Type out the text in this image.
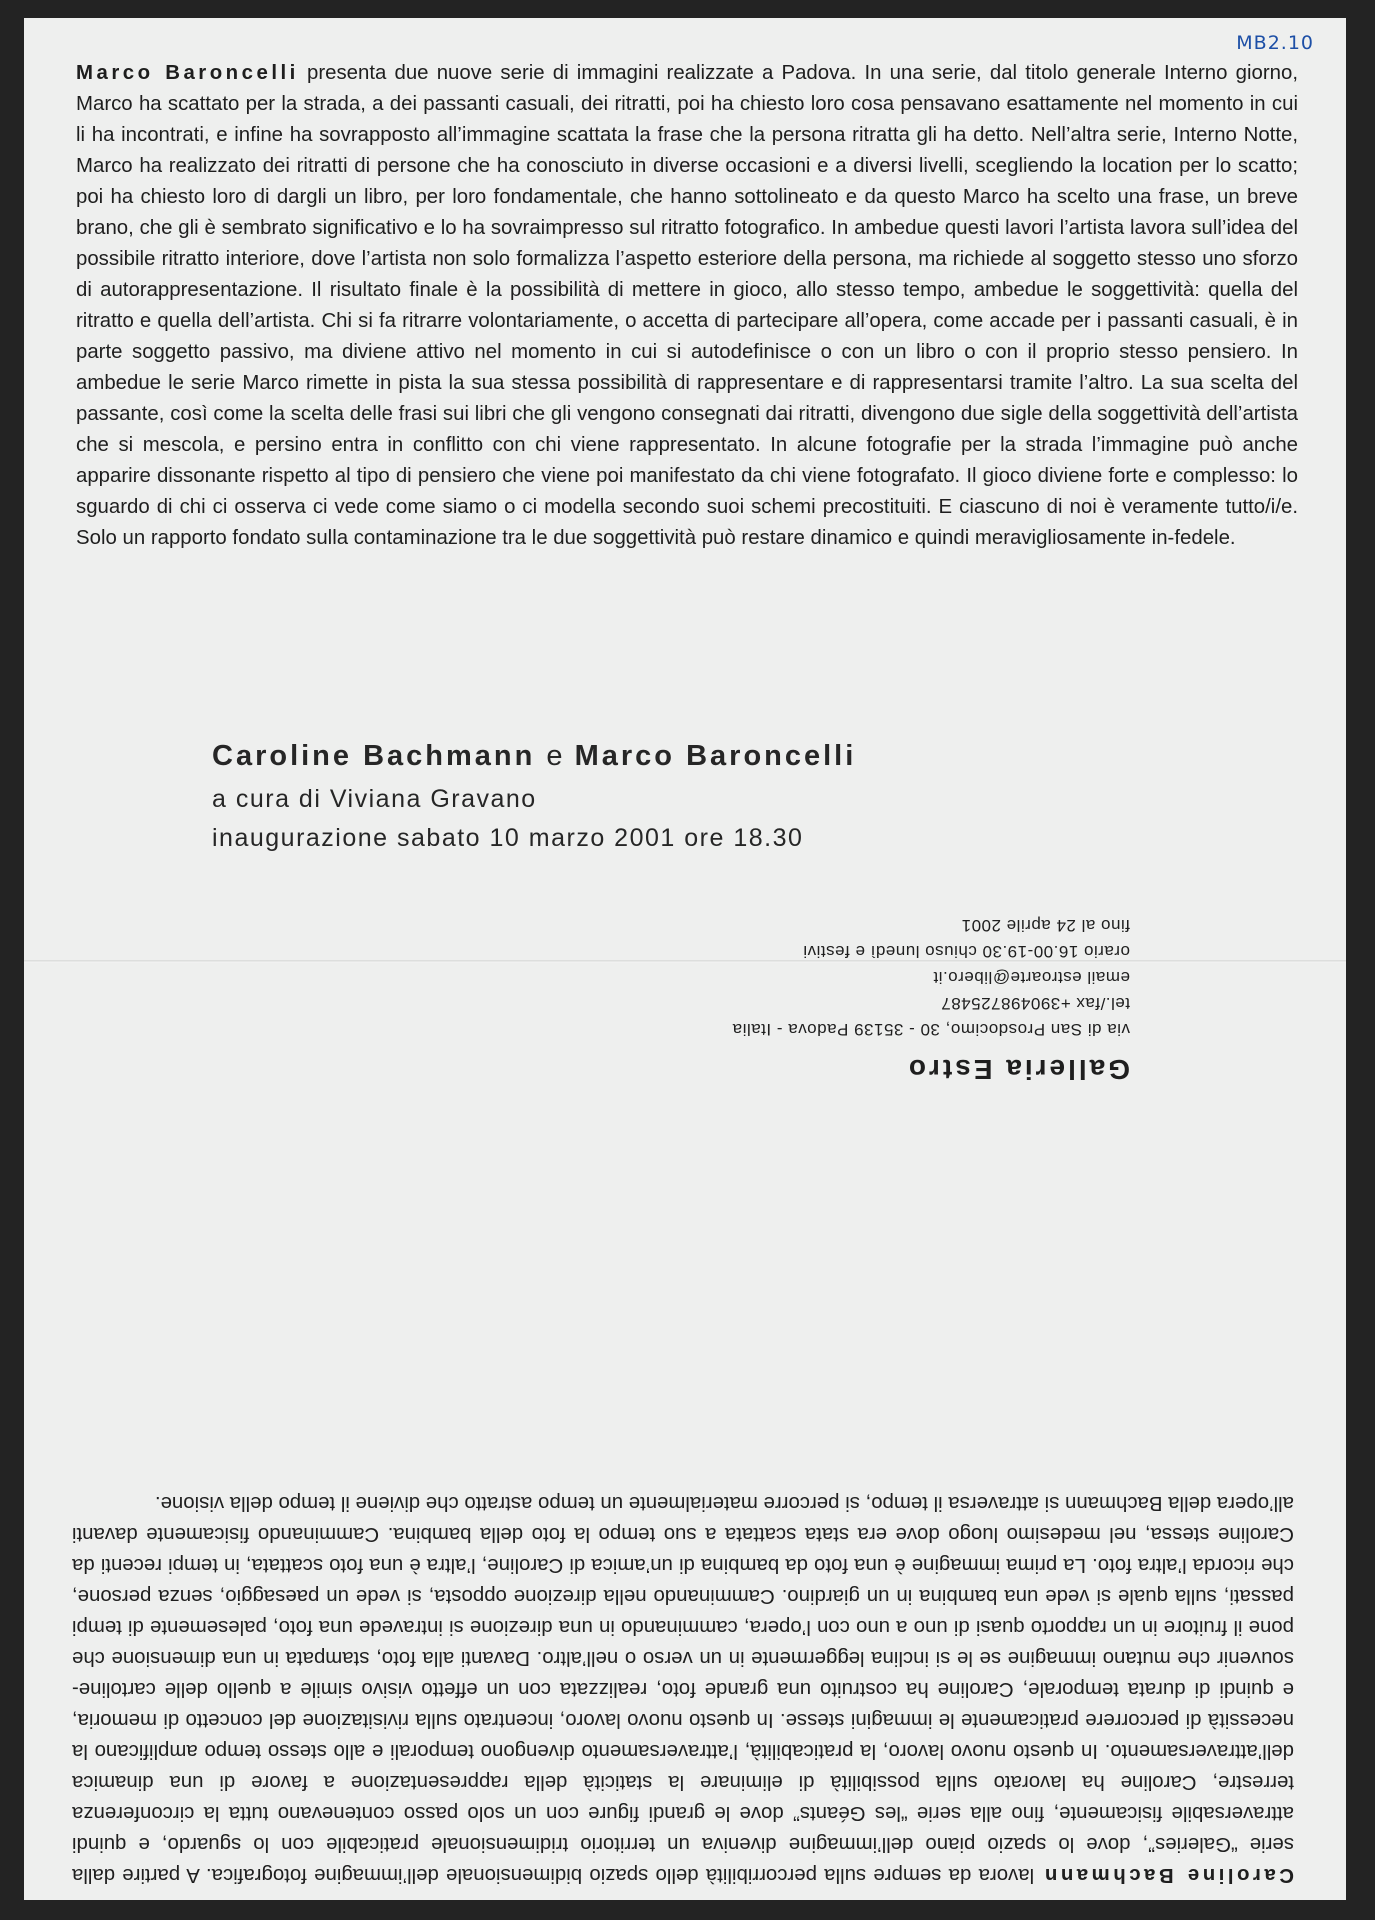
MB2.10

Marco Baroncelli presenta due nuove serie di immagini realizzate a Padova. In una serie, dal titolo generale Interno giorno, Marco ha scattato per la strada, a dei passanti casuali, dei ritratti, poi ha chiesto loro cosa pensavano esattamente nel momento in cui li ha incontrati, e infine ha sovrapposto all’immagine scattata la frase che la persona ritratta gli ha detto. Nell’altra serie, Interno Notte, Marco ha realizzato dei ritratti di persone che ha conosciuto in diverse occasioni e a diversi livelli, scegliendo la location per lo scatto; poi ha chiesto loro di dargli un libro, per loro fondamentale, che hanno sottolineato e da questo Marco ha scelto una frase, un breve brano, che gli è sembrato significativo e lo ha sovraimpresso sul ritratto fotografico. In ambedue questi lavori l’artista lavora sull’idea del possibile ritratto interiore, dove l’artista non solo formalizza l’aspetto esteriore della persona, ma richiede al soggetto stesso uno sforzo di autorappresentazione. Il risultato finale è la possibilità di mettere in gioco, allo stesso tempo, ambedue le soggettività: quella del ritratto e quella dell’artista. Chi si fa ritrarre volontariamente, o accetta di partecipare all’opera, come accade per i passanti casuali, è in parte soggetto passivo, ma diviene attivo nel momento in cui si autodefinisce o con un libro o con il proprio stesso pensiero. In ambedue le serie Marco rimette in pista la sua stessa possibilità di rappresentare e di rappresentarsi tramite l’altro. La sua scelta del passante, così come la scelta delle frasi sui libri che gli vengono consegnati dai ritratti, divengono due sigle della soggettività dell’artista che si mescola, e persino entra in conflitto con chi viene rappresentato. In alcune fotografie per la strada l’immagine può anche apparire dissonante rispetto al tipo di pensiero che viene poi manifestato da chi viene fotografato. Il gioco diviene forte e complesso: lo sguardo di chi ci osserva ci vede come siamo o ci modella secondo suoi schemi precostituiti. E ciascuno di noi è veramente tutto/i/e. Solo un rapporto fondato sulla contaminazione tra le due soggettività può restare dinamico e quindi meravigliosamente in-fedele.

Caroline Bachmann e Marco Baroncelli

a cura di Viviana Gravano

inaugurazione sabato 10 marzo 2001 ore 18.30

Caroline Bachmann lavora da sempre sulla percorribilità dello spazio bidimensionale dell’immagine fotografica. A partire dalla serie “Galeries”, dove lo spazio piano dell’immagine diveniva un territorio tridimensionale praticabile con lo sguardo, e quindi attraversabile fisicamente, fino alla serie “les Géants” dove le grandi figure con un solo passo contenevano tutta la circonferenza terrestre, Caroline ha lavorato sulla possibilità di eliminare la staticità della rappresentazione a favore di una dinamica dell’attraversamento. In questo nuovo lavoro, la praticabilità, l’attraversamento divengono temporali e allo stesso tempo amplificano la necessità di percorrere praticamente le immagini stesse. In questo nuovo lavoro, incentrato sulla rivisitazione del concetto di memoria, e quindi di durata temporale, Caroline ha costruito una grande foto, realizzata con un effetto visivo simile a quello delle cartoline-souvenir che mutano immagine se le si inclina leggermente in un verso o nell’altro. Davanti alla foto, stampata in una dimensione che pone il fruitore in un rapporto quasi di uno a uno con l’opera, camminando in una direzione si intravede una foto, palesemente di tempi passati, sulla quale si vede una bambina in un giardino. Camminando nella direzione opposta, si vede un paesaggio, senza persone, che ricorda l’altra foto. La prima immagine è una foto da bambina di un’amica di Caroline, l’altra è una foto scattata, in tempi recenti da Caroline stessa, nel medesimo luogo dove era stata scattata a suo tempo la foto della bambina. Camminando fisicamente davanti all’opera della Bachmann si attraversa il tempo, si percorre materialmente un tempo astratto che diviene il tempo della visione.

Galleria Estro

via di San Prosdocimo, 30 - 35139 Padova - Italia

tel./fax +3904987254​87

email estroarte@libero.it

orario 16.00-19.30 chiuso lunedì e festivi

fino al 24 aprile 2001
